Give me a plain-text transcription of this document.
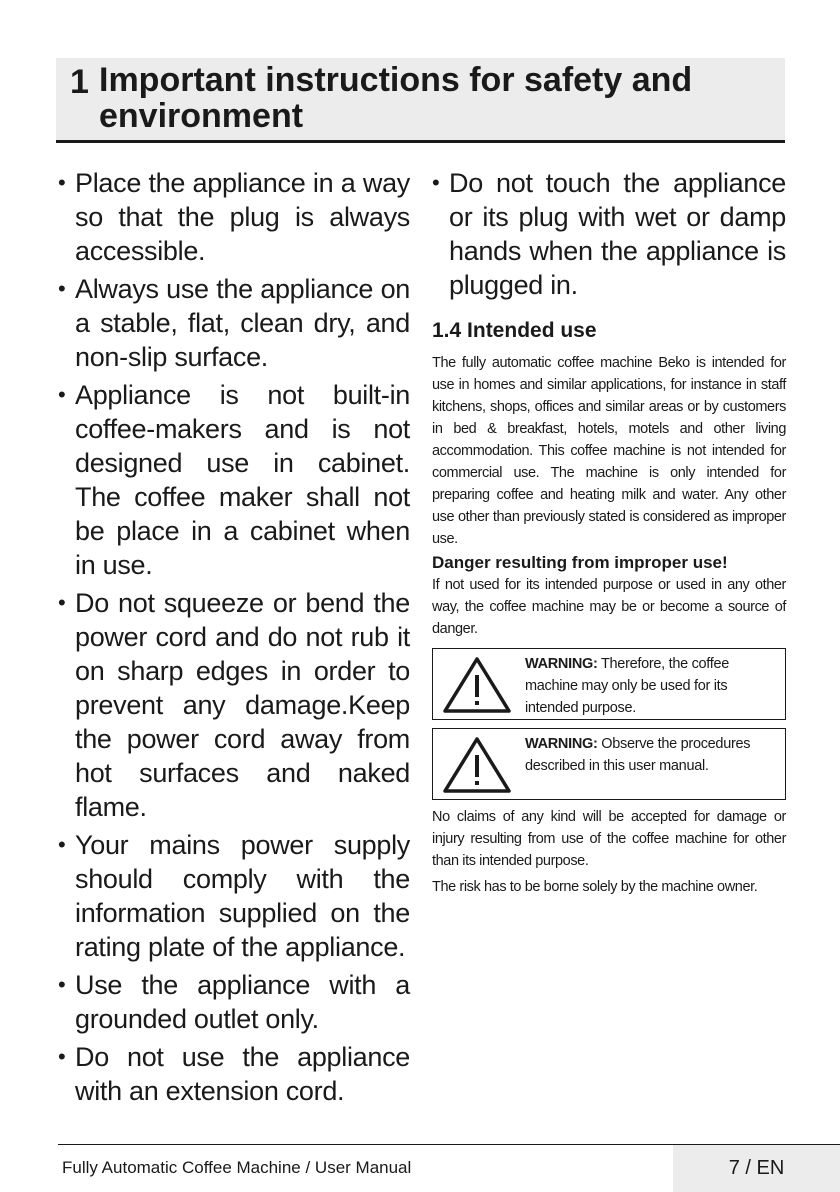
1 Important instructions for safety and environment
• Place the appliance in a way so that the plug is always accessible.
• Always use the appliance on a stable, flat, clean dry, and non-slip surface.
• Appliance is not built-in coffee-makers and is not designed use in cabinet. The coffee maker shall not be place in a cabinet when in use.
• Do not squeeze or bend the power cord and do not rub it on sharp edges in order to prevent any damage.Keep the power cord away from hot surfaces and naked flame.
• Your mains power supply should comply with the information supplied on the rating plate of the appliance.
• Use the appliance with a grounded outlet only.
• Do not use the appliance with an extension cord.
• Do not touch the appliance or its plug with wet or damp hands when the appliance is plugged in.
1.4 Intended use

The fully automatic coffee machine Beko is intended for use in homes and similar applications, for instance in staff kitchens, shops, offices and similar areas or by customers in bed & breakfast, hotels, motels and other living accommodation. This coffee machine is not intended for commercial use. The machine is only intended for preparing coffee and heating milk and water. Any other use other than previously stated is considered as improper use.

Danger resulting from improper use!

If not used for its intended purpose or used in any other way, the coffee machine may be or become a source of danger.

WARNING: Therefore, the coffee machine may only be used for its intended purpose.
WARNING: Observe the procedures described in this user manual.

No claims of any kind will be accepted for damage or injury resulting from use of the coffee machine for other than its intended purpose.

The risk has to be borne solely by the machine owner.

Fully Automatic Coffee Machine / User Manual	7 / EN
